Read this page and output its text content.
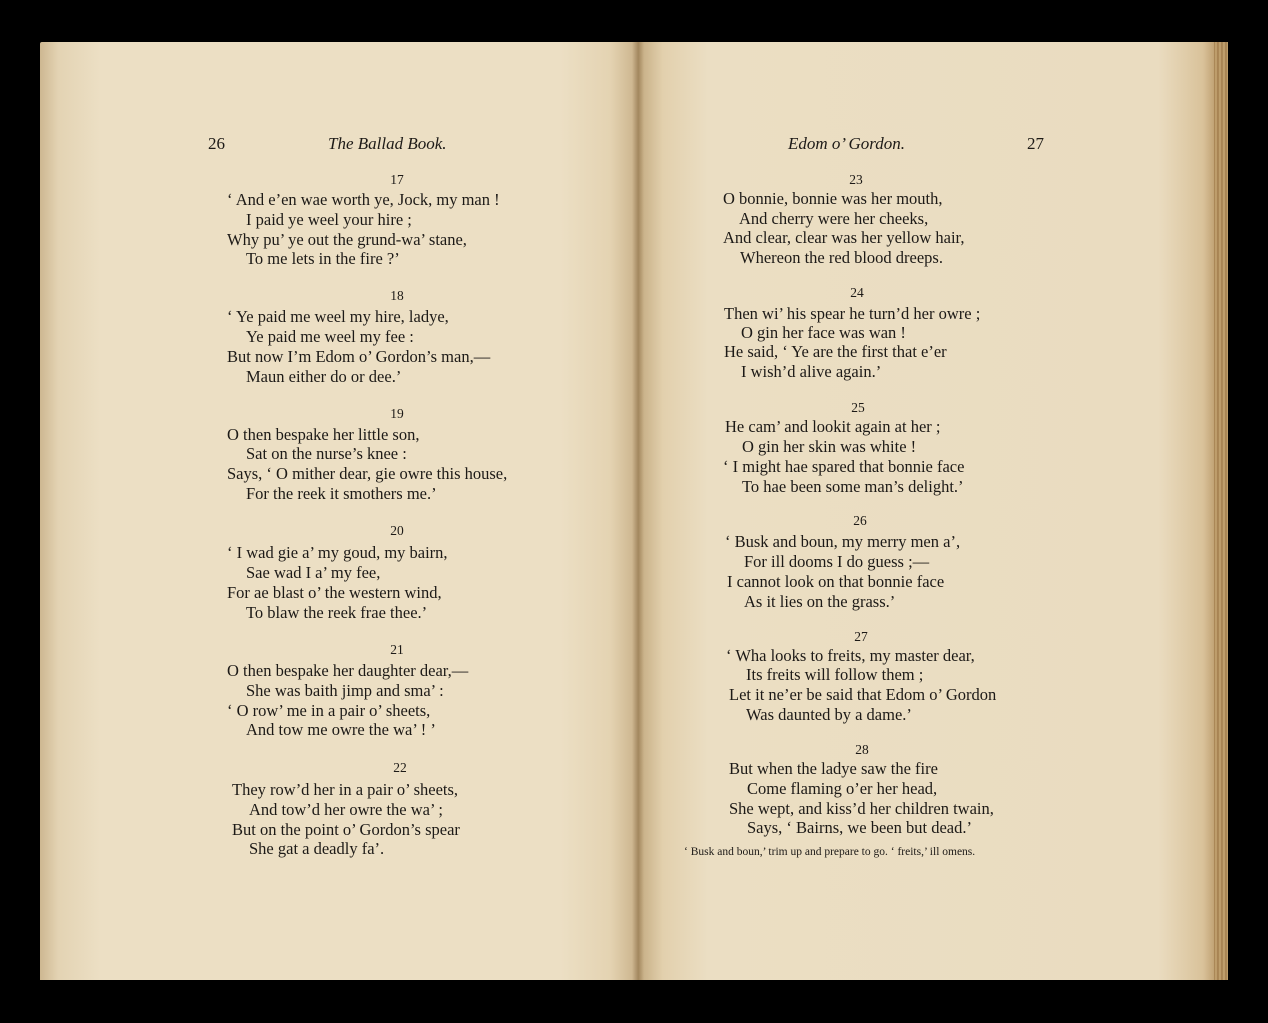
26	The Ballad Book.
17
‘ And e’en wae worth ye, Jock, my man !
I paid ye weel your hire ;
Why pu’ ye out the grund-wa’ stane,
To me lets in the fire ?’
18
‘ Ye paid me weel my hire, ladye,
Ye paid me weel my fee :
But now I’m Edom o’ Gordon’s man,—
Maun either do or dee.’
19
O then bespake her little son,
Sat on the nurse’s knee :
Says, ‘ O mither dear, gie owre this house,
For the reek it smothers me.’
20
‘ I wad gie a’ my goud, my bairn,
Sae wad I a’ my fee,
For ae blast o’ the western wind,
To blaw the reek frae thee.’
21
O then bespake her daughter dear,—
She was baith jimp and sma’ :
‘ O row’ me in a pair o’ sheets,
And tow me owre the wa’ ! ’
22
They row’d her in a pair o’ sheets,
And tow’d her owre the wa’ ;
But on the point o’ Gordon’s spear
She gat a deadly fa’.
Edom o’ Gordon.	27
23
O bonnie, bonnie was her mouth,
And cherry were her cheeks,
And clear, clear was her yellow hair,
Whereon the red blood dreeps.
24
Then wi’ his spear he turn’d her owre ;
O gin her face was wan !
He said, ‘ Ye are the first that e’er
I wish’d alive again.’
25
He cam’ and lookit again at her ;
O gin her skin was white !
‘ I might hae spared that bonnie face
To hae been some man’s delight.’
26
‘ Busk and boun, my merry men a’,
For ill dooms I do guess ;—
I cannot look on that bonnie face
As it lies on the grass.’
27
‘ Wha looks to freits, my master dear,
Its freits will follow them ;
Let it ne’er be said that Edom o’ Gordon
Was daunted by a dame.’
28
But when the ladye saw the fire
Come flaming o’er her head,
She wept, and kiss’d her children twain,
Says, ‘ Bairns, we been but dead.’
‘ Busk and boun,’ trim up and prepare to go. ‘ freits,’ ill omens.
